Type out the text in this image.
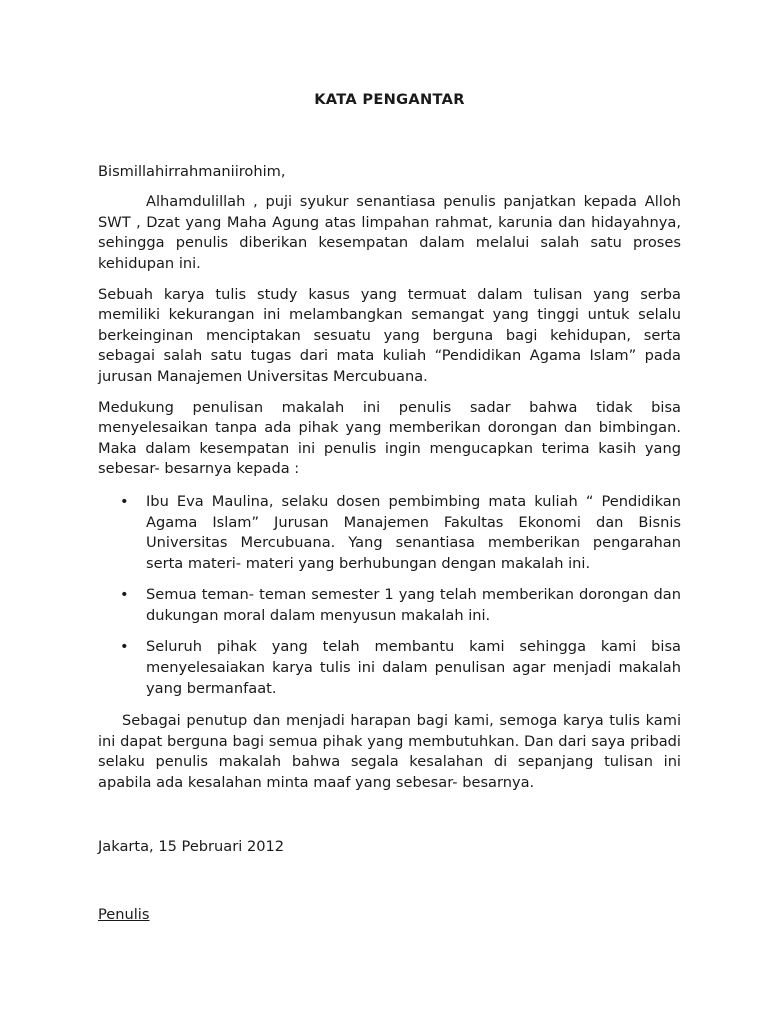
KATA PENGANTAR

Bismillahirrahmaniirohim,

Alhamdulillah , puji syukur senantiasa penulis panjatkan kepada Alloh SWT , Dzat yang Maha Agung atas limpahan rahmat, karunia dan hidayahnya, sehingga penulis diberikan kesempatan dalam melalui salah satu proses kehidupan ini.

Sebuah karya tulis study kasus yang termuat dalam tulisan yang serba memiliki kekurangan ini melambangkan semangat yang tinggi untuk selalu berkeinginan menciptakan sesuatu yang berguna bagi kehidupan, serta sebagai salah satu tugas dari mata kuliah “Pendidikan Agama Islam” pada jurusan Manajemen Universitas Mercubuana.

Medukung penulisan makalah ini penulis sadar bahwa tidak bisa menyelesaikan tanpa ada pihak yang memberikan dorongan dan bimbingan. Maka dalam kesempatan ini penulis ingin mengucapkan terima kasih yang sebesar- besarnya kepada :

• Ibu Eva Maulina, selaku dosen pembimbing mata kuliah “ Pendidikan Agama Islam” Jurusan Manajemen Fakultas Ekonomi dan Bisnis Universitas Mercubuana. Yang senantiasa memberikan pengarahan serta materi- materi yang berhubungan dengan makalah ini.
• Semua teman- teman semester 1 yang telah memberikan dorongan dan dukungan moral dalam menyusun makalah ini.
• Seluruh pihak yang telah membantu kami sehingga kami bisa menyelesaiakan karya tulis ini dalam penulisan agar menjadi makalah yang bermanfaat.

Sebagai penutup dan menjadi harapan bagi kami, semoga karya tulis kami ini dapat berguna bagi semua pihak yang membutuhkan. Dan dari saya pribadi selaku penulis makalah bahwa segala kesalahan di sepanjang tulisan ini apabila ada kesalahan minta maaf yang sebesar- besarnya.

Jakarta, 15 Pebruari 2012

Penulis
